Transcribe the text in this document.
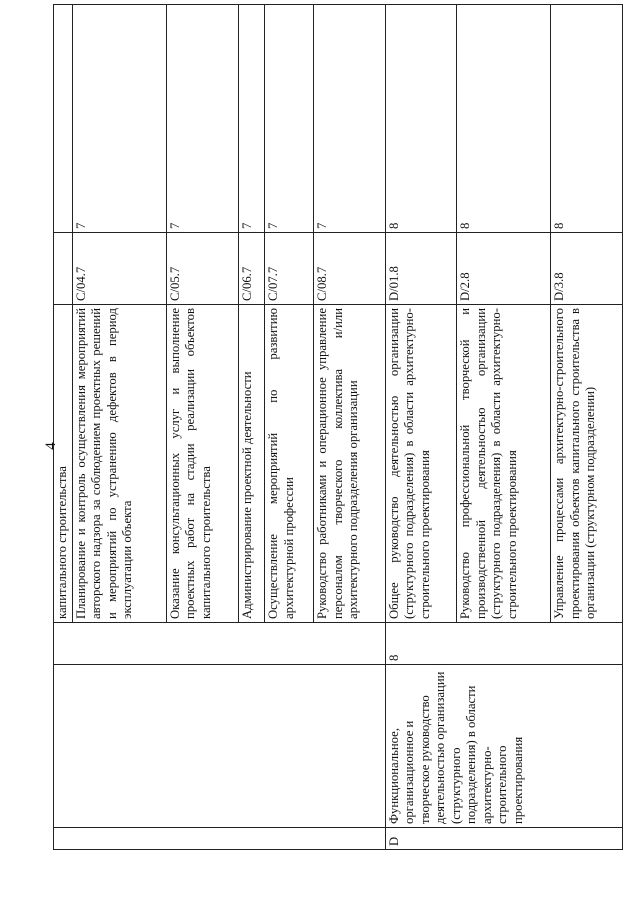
4
			капитального строительства		
			Планирование и контроль осуществления мероприятий авторского надзора за соблюдением проектных решений и мероприятий по устранению дефектов в период эксплуатации объекта	C/04.7	7
			Оказание консультационных услуг и выполнение проектных работ на стадии реализации объектов капитального строительства	C/05.7	7
			Администрирование проектной деятельности	C/06.7	7
			Осуществление мероприятий по развитию архитектурной профессии	C/07.7	7
			Руководство работниками и операционное управление персоналом творческого коллектива и/или архитектурного подразделения организации	C/08.7	7
D	Функциональное, организационное и творческое руководство деятельностью организации (структурного подразделения) в области архитектурно-строительного проектирования	8	Общее руководство деятельностью организации (структурного подразделения) в области архитектурно-строительного проектирования	D/01.8	8
			Руководство профессиональной творческой и производственной деятельностью организации (структурного подразделения) в области архитектурно-строительного проектирования	D/2.8	8
			Управление процессами архитектурно-строительного проектирования объектов капитального строительства в организации (структурном подразделении)	D/3.8	8
